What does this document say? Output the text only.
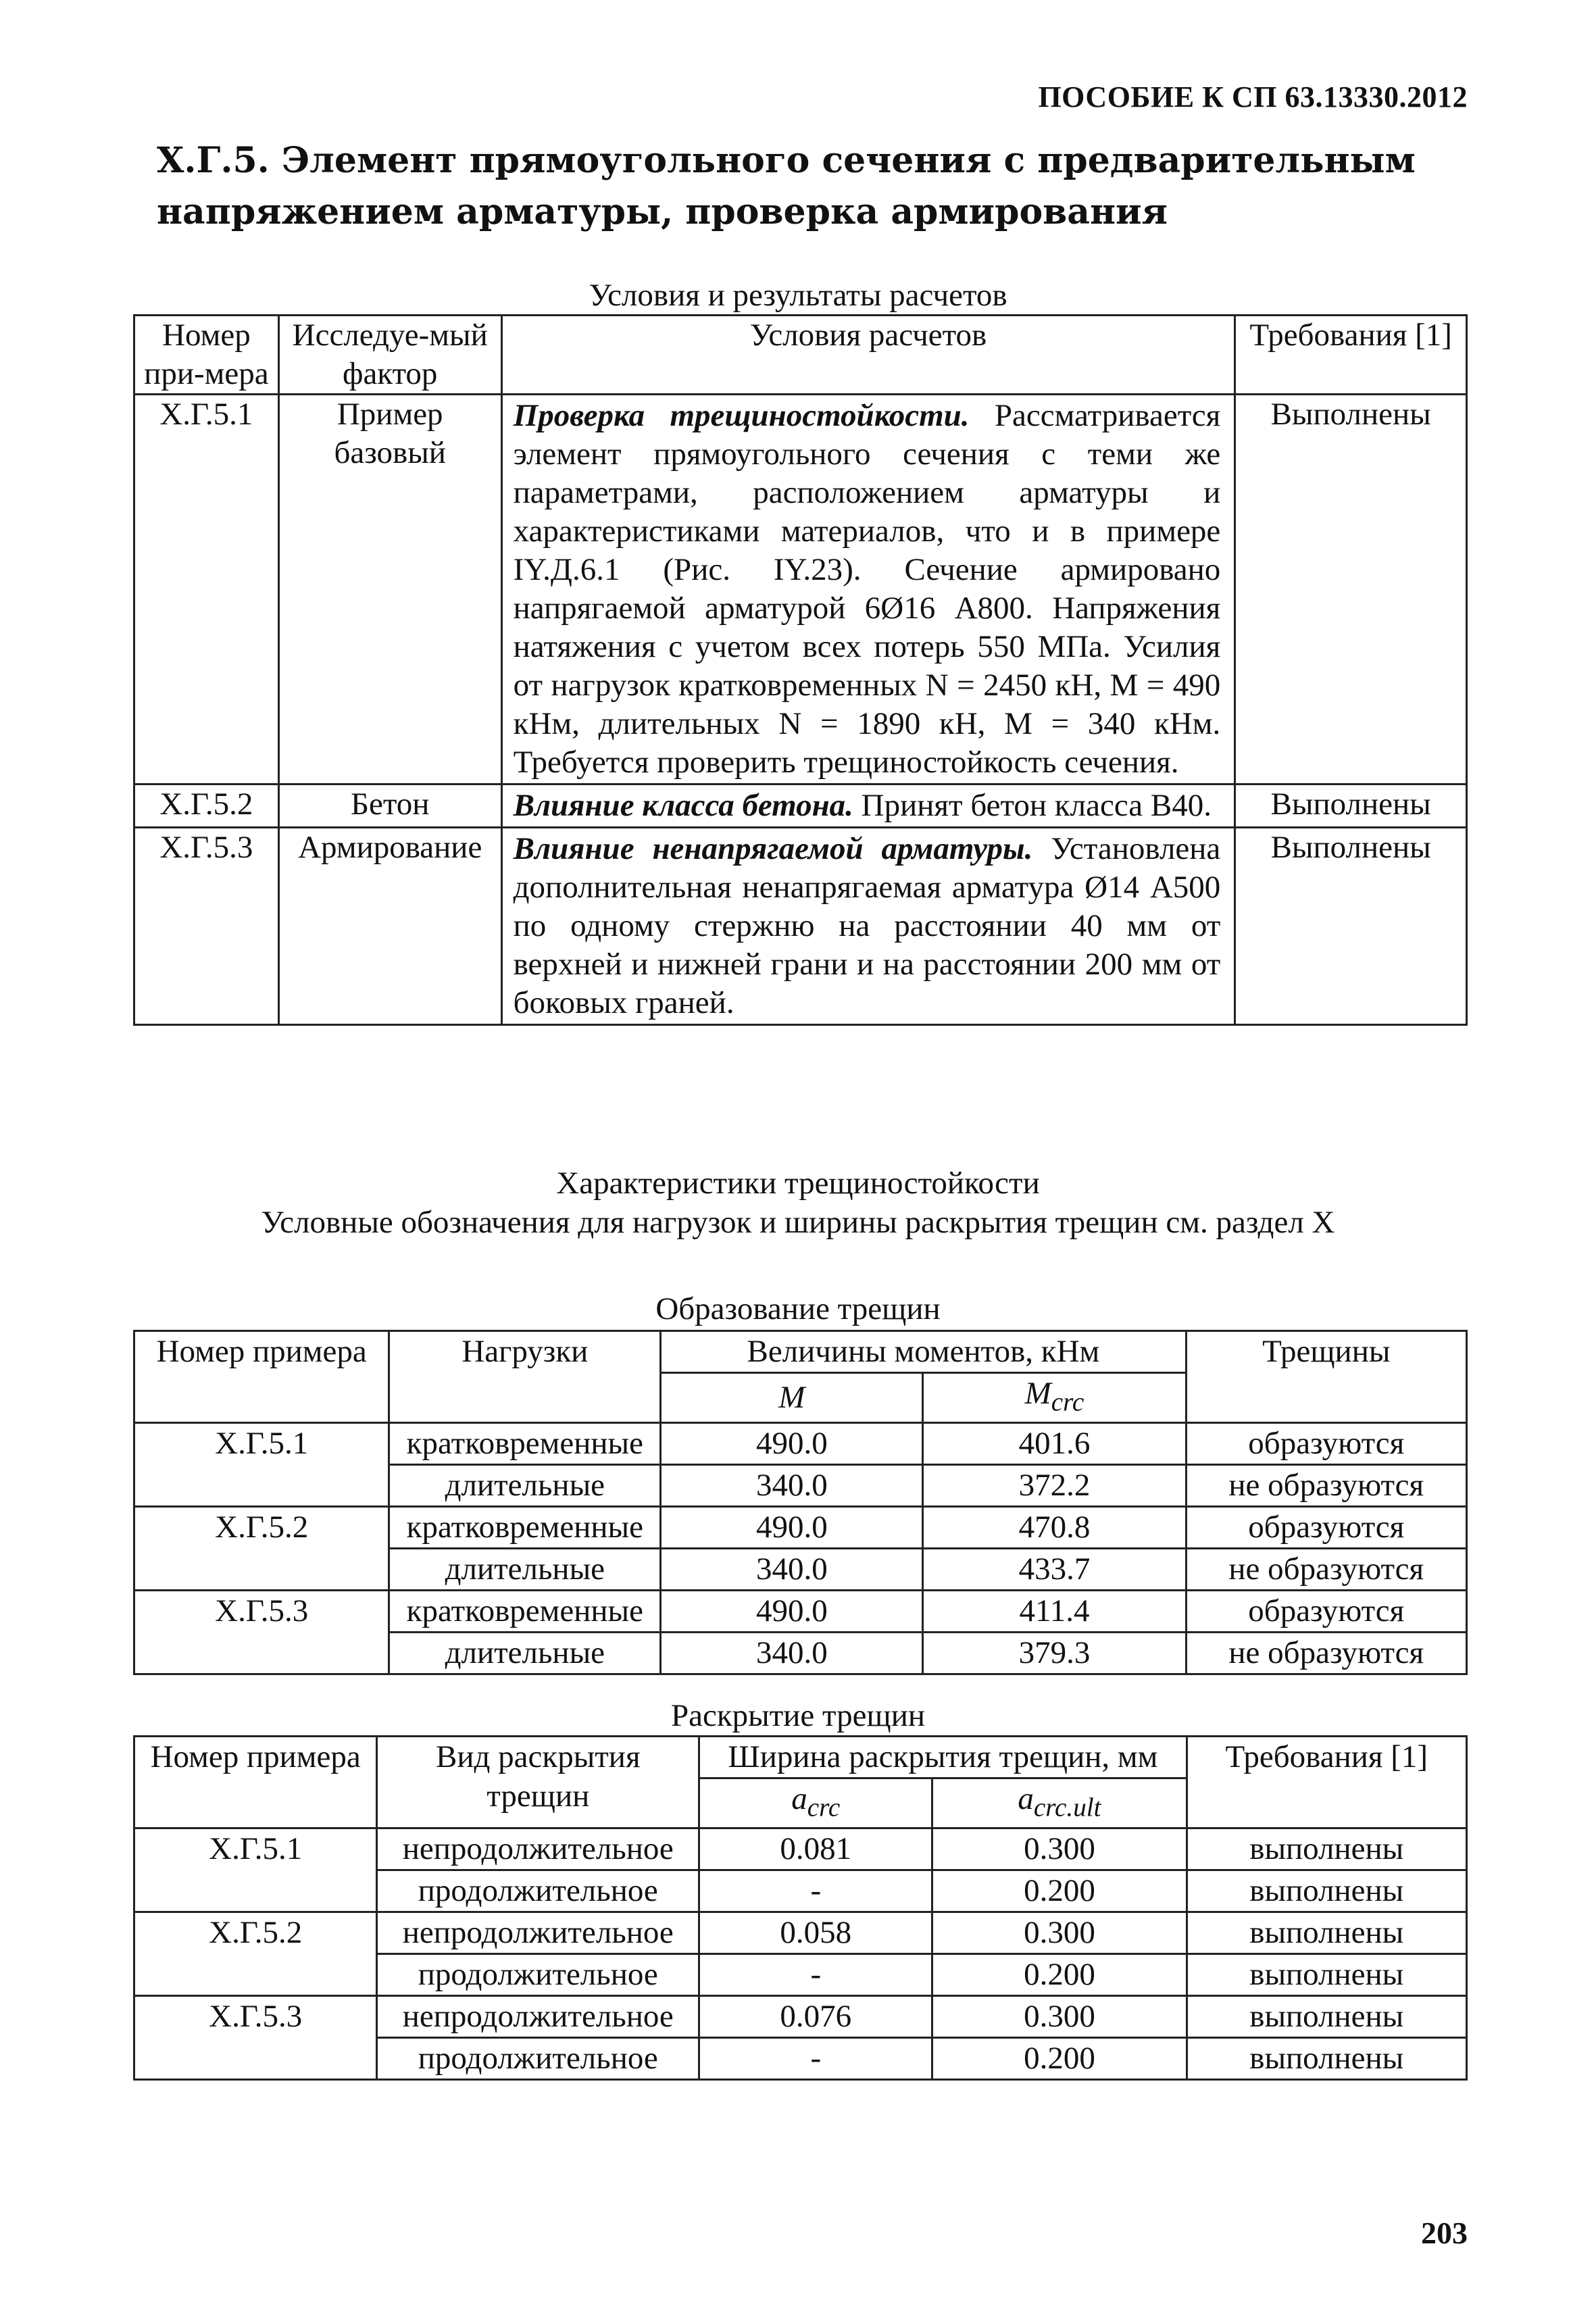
ПОСОБИЕ К СП 63.13330.2012
Х.Г.5. Элемент прямоугольного сечения с предварительным напряжением арматуры, проверка армирования
Условия и результаты расчетов
Номер при-мера	Исследуе-мый фактор	Условия расчетов	Требования [1]
Х.Г.5.1	Пример базовый	Проверка трещиностойкости. Рассматривается элемент прямоугольного сечения с теми же параметрами, расположением арматуры и характеристиками материалов, что и в примере IY.Д.6.1 (Рис. IY.23). Сечение армировано напрягаемой арматурой 6Ø16 А800. Напряжения натяжения с учетом всех потерь 550 МПа. Усилия от нагрузок кратковременных N = 2450 кН, M = 490 кНм, длительных N = 1890 кН, M = 340 кНм. Требуется проверить трещиностойкость сечения.	Выполнены
Х.Г.5.2	Бетон	Влияние класса бетона. Принят бетон класса В40.	Выполнены
Х.Г.5.3	Армирование	Влияние ненапрягаемой арматуры. Установлена дополнительная ненапрягаемая арматура Ø14 А500 по одному стержню на расстоянии 40 мм от верхней и нижней грани и на расстоянии 200 мм от боковых граней.	Выполнены
Характеристики трещиностойкости
Условные обозначения для нагрузок и ширины раскрытия трещин см. раздел Х
Образование трещин
Номер примера	Нагрузки	Величины моментов, кНм		Трещины
		M	$M_{crc}$
Х.Г.5.1	кратковременные	490.0	401.6	образуются
	длительные	340.0	372.2	не образуются
Х.Г.5.2	кратковременные	490.0	470.8	образуются
	длительные	340.0	433.7	не образуются
Х.Г.5.3	кратковременные	490.0	411.4	образуются
	длительные	340.0	379.3	не образуются
Раскрытие трещин
Номер примера	Вид раскрытия трещин	Ширина раскрытия трещин, мм		Требования [1]
		$a_{crc}$	$a_{crc.ult}$
Х.Г.5.1	непродолжительное	0.081	0.300	выполнены
	продолжительное	-	0.200	выполнены
Х.Г.5.2	непродолжительное	0.058	0.300	выполнены
	продолжительное	-	0.200	выполнены
Х.Г.5.3	непродолжительное	0.076	0.300	выполнены
	продолжительное	-	0.200	выполнены
203
